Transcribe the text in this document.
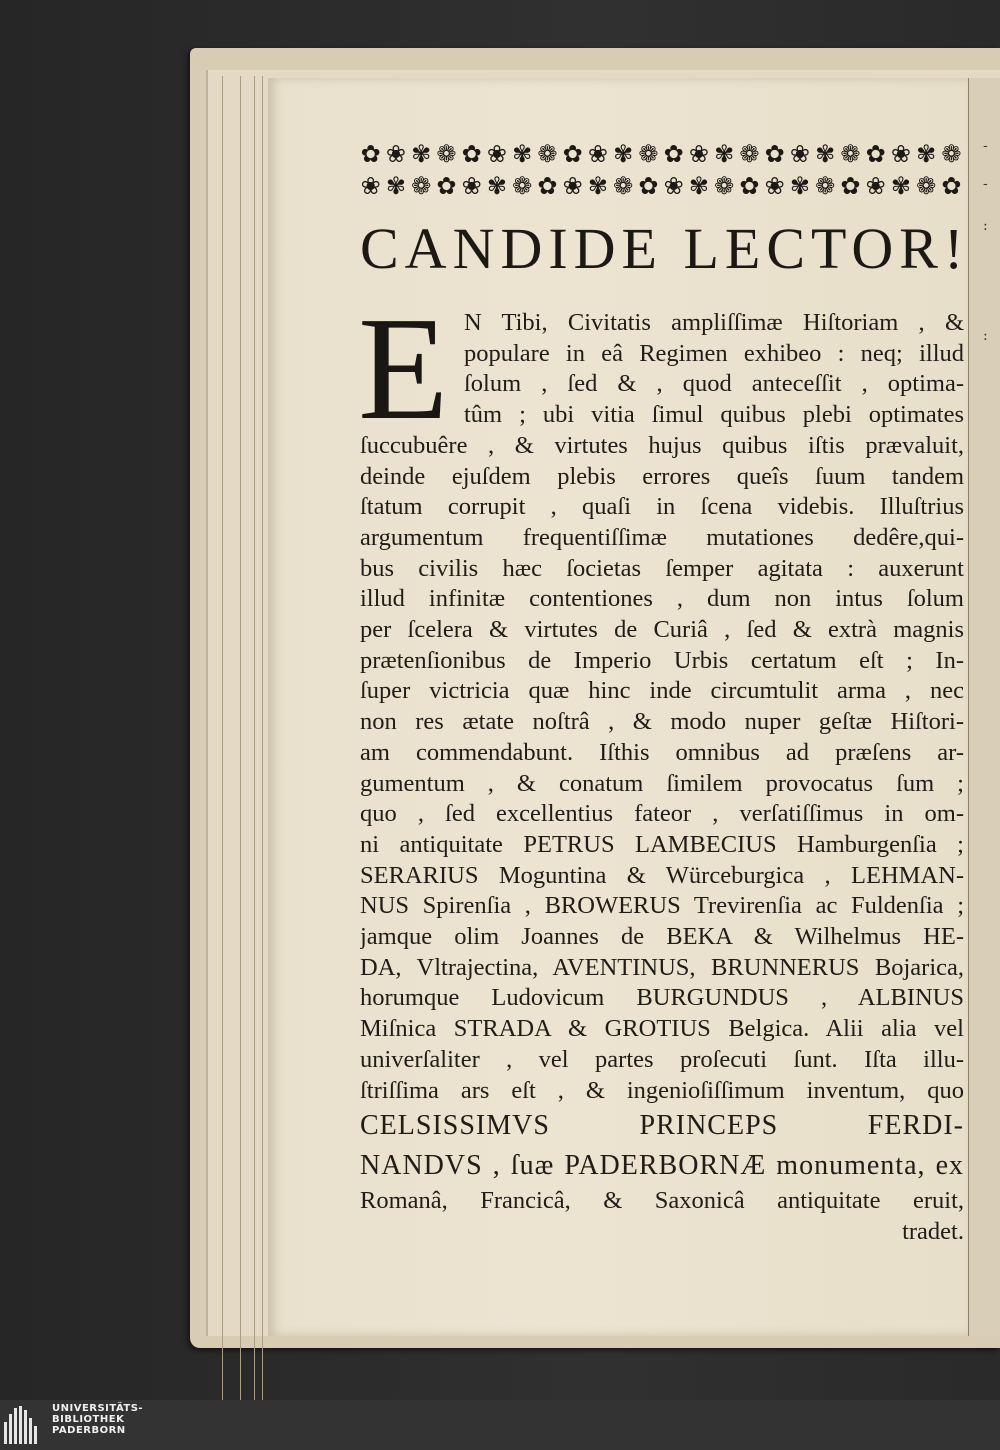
-
-
:
:
✿ ❀ ✾ ❁ ✿ ❀ ✾ ❁ ✿ ❀ ✾ ❁ ✿ ❀ ✾ ❁ ✿ ❀ ✾ ❁ ✿ ❀ ✾ ❁
❀ ✾ ❁ ✿ ❀ ✾ ❁ ✿ ❀ ✾ ❁ ✿ ❀ ✾ ❁ ✿ ❀ ✾ ❁ ✿ ❀ ✾ ❁ ✿
CANDIDE LECTOR!
E N Tibi, Civitatis ampliſſimæ Hiſtoriam , &
populare in eâ Regimen exhibeo : neq; illud
ſolum , ſed & , quod anteceſſit , optima-
tûm ; ubi vitia ſimul quibus plebi optimates
ſuccubuêre , & virtutes hujus quibus iſtis prævaluit,
deinde ejuſdem plebis errores queîs ſuum tandem
ſtatum corrupit , quaſi in ſcena videbis. Illuſtrius
argumentum frequentiſſimæ mutationes dedêre,qui-
bus civilis hæc ſocietas ſemper agitata : auxerunt
illud infinitæ contentiones , dum non intus ſolum
per ſcelera & virtutes de Curiâ , ſed & extrà magnis
prætenſionibus de Imperio Urbis certatum eſt ; In-
ſuper victricia quæ hinc inde circumtulit arma , nec
non res ætate noſtrâ , & modo nuper geſtæ Hiſtori-
am commendabunt. Iſthis omnibus ad præſens ar-
gumentum , & conatum ſimilem provocatus ſum ;
quo , ſed excellentius fateor , verſatiſſimus in om-
ni antiquitate PETRUS LAMBECIUS Hamburgenſia ;
SERARIUS Moguntina & Würceburgica , LEHMAN-
NUS Spirenſia , BROWERUS Trevirenſia ac Fuldenſia ;
jamque olim Joannes de BEKA & Wilhelmus HE-
DA, Vltrajectina, AVENTINUS, BRUNNERUS Bojarica,
horumque Ludovicum BURGUNDUS , ALBINUS
Miſnica STRADA & GROTIUS Belgica. Alii alia vel
univerſaliter , vel partes proſecuti ſunt. Iſta illu-
ſtriſſima ars eſt , & ingenioſiſſimum inventum, quo
CELSISSIMVS PRINCEPS FERDI-
NANDVS , ſuæ PADERBORNÆ monumenta, ex
Romanâ, Francicâ, & Saxonicâ antiquitate eruit,
tradet.
UNIVERSITÄTS-
BIBLIOTHEK
PADERBORN
